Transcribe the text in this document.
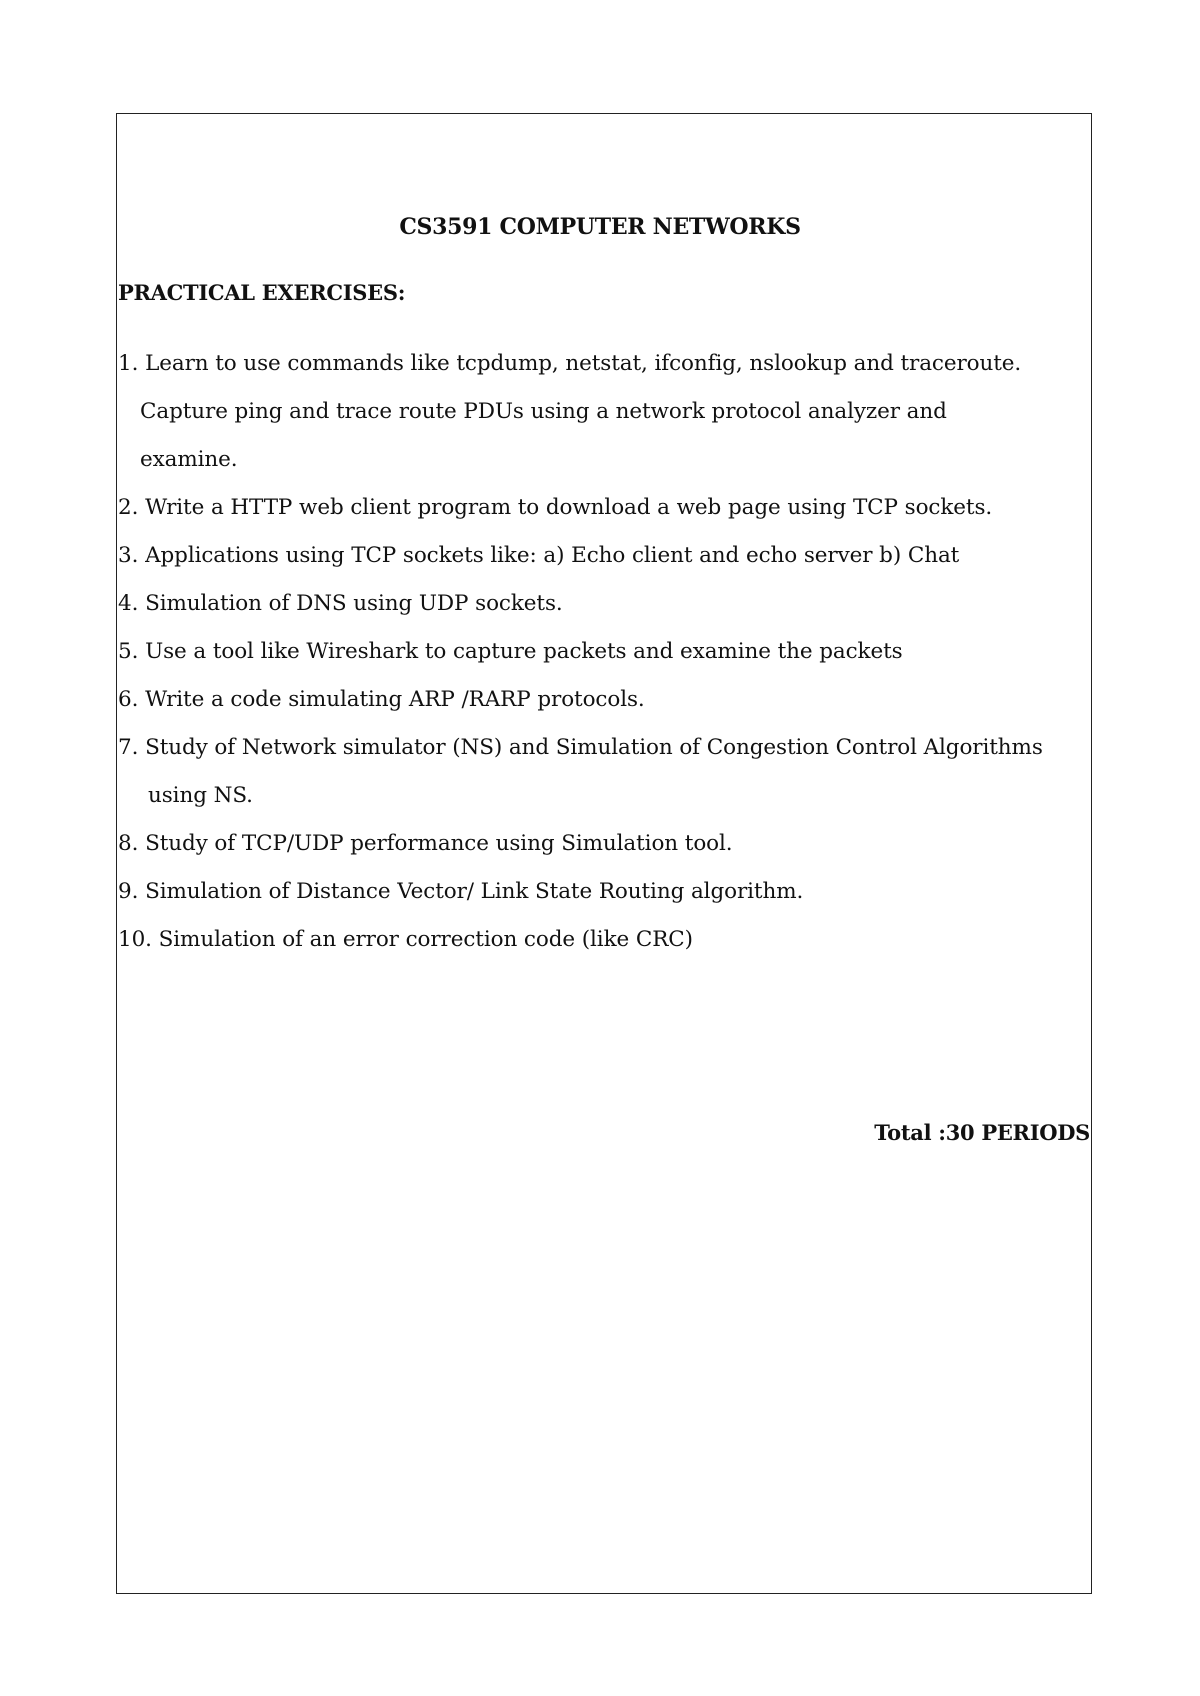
CS3591 COMPUTER NETWORKS
PRACTICAL EXERCISES:
1. Learn to use commands like tcpdump, netstat, ifconfig, nslookup and traceroute.
Capture ping and trace route PDUs using a network protocol analyzer and
examine.
2. Write a HTTP web client program to download a web page using TCP sockets.
3. Applications using TCP sockets like: a) Echo client and echo server b) Chat
4. Simulation of DNS using UDP sockets.
5. Use a tool like Wireshark to capture packets and examine the packets
6. Write a code simulating ARP /RARP protocols.
7. Study of Network simulator (NS) and Simulation of Congestion Control Algorithms
using NS.
8. Study of TCP/UDP performance using Simulation tool.
9. Simulation of Distance Vector/ Link State Routing algorithm.
10. Simulation of an error correction code (like CRC)

Total :30 PERIODS
